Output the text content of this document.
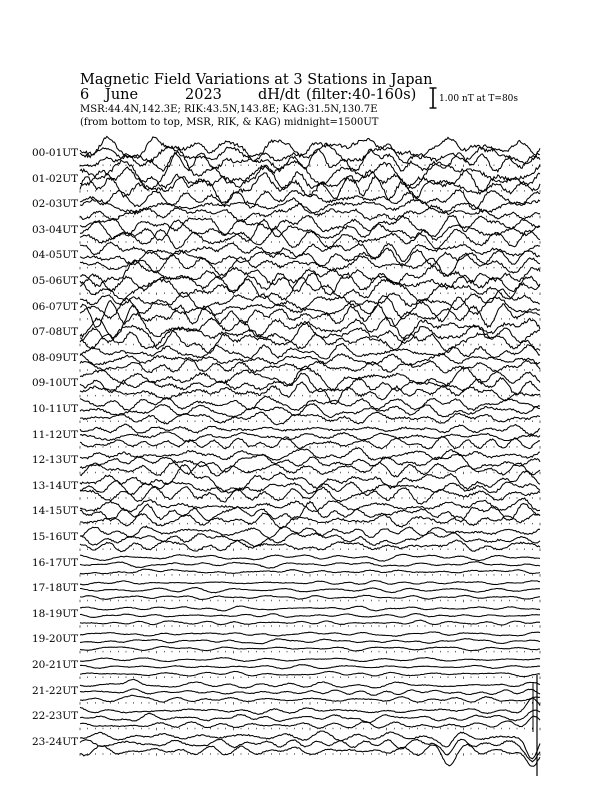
Magnetic Field Variations at 3 Stations in Japan
6 June	2023 dH/dt (filter:40-160s)
MSR:44.4N,142.3E; RIK:43.5N,143.8E; KAG:31.5N,130.7E
(from bottom to top, MSR, RIK, & KAG) midnight=1500UT
1.00 nT at T=80s
00-01UT
01-02UT
02-03UT
03-04UT
04-05UT
05-06UT
06-07UT
07-08UT
08-09UT
09-10UT
10-11UT
11-12UT
12-13UT
13-14UT
14-15UT
15-16UT
16-17UT
17-18UT
18-19UT
19-20UT
20-21UT
21-22UT
22-23UT
23-24UT
